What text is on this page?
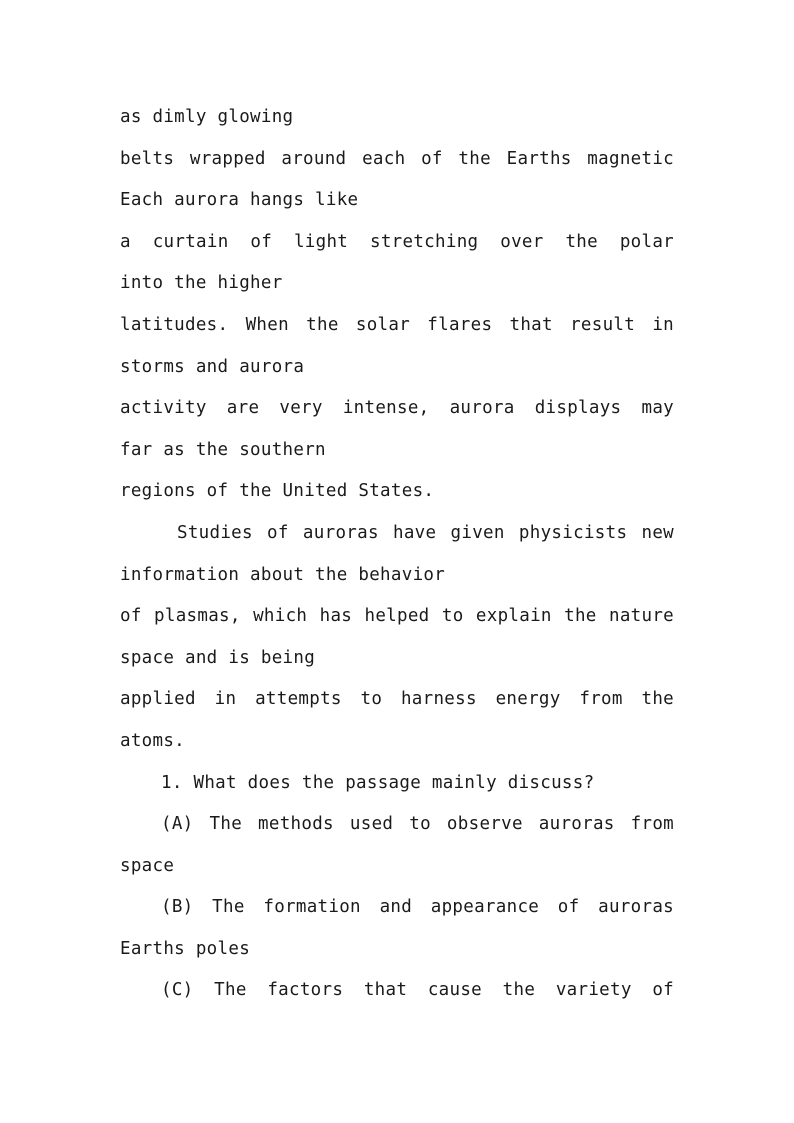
as dimly glowing
belts wrapped around each of the Earths magnetic
Each aurora hangs like
a curtain of light stretching over the polar
into the higher
latitudes. When the solar flares that result in
storms and aurora
activity are very intense, aurora displays may
far as the southern
regions of the United States.
Studies of auroras have given physicists new
information about the behavior
of plasmas, which has helped to explain the nature
space and is being
applied in attempts to harness energy from the
atoms.
1. What does the passage mainly discuss?
(A) The methods used to observe auroras from
space
(B) The formation and appearance of auroras
Earths poles
(C) The factors that cause the variety of
